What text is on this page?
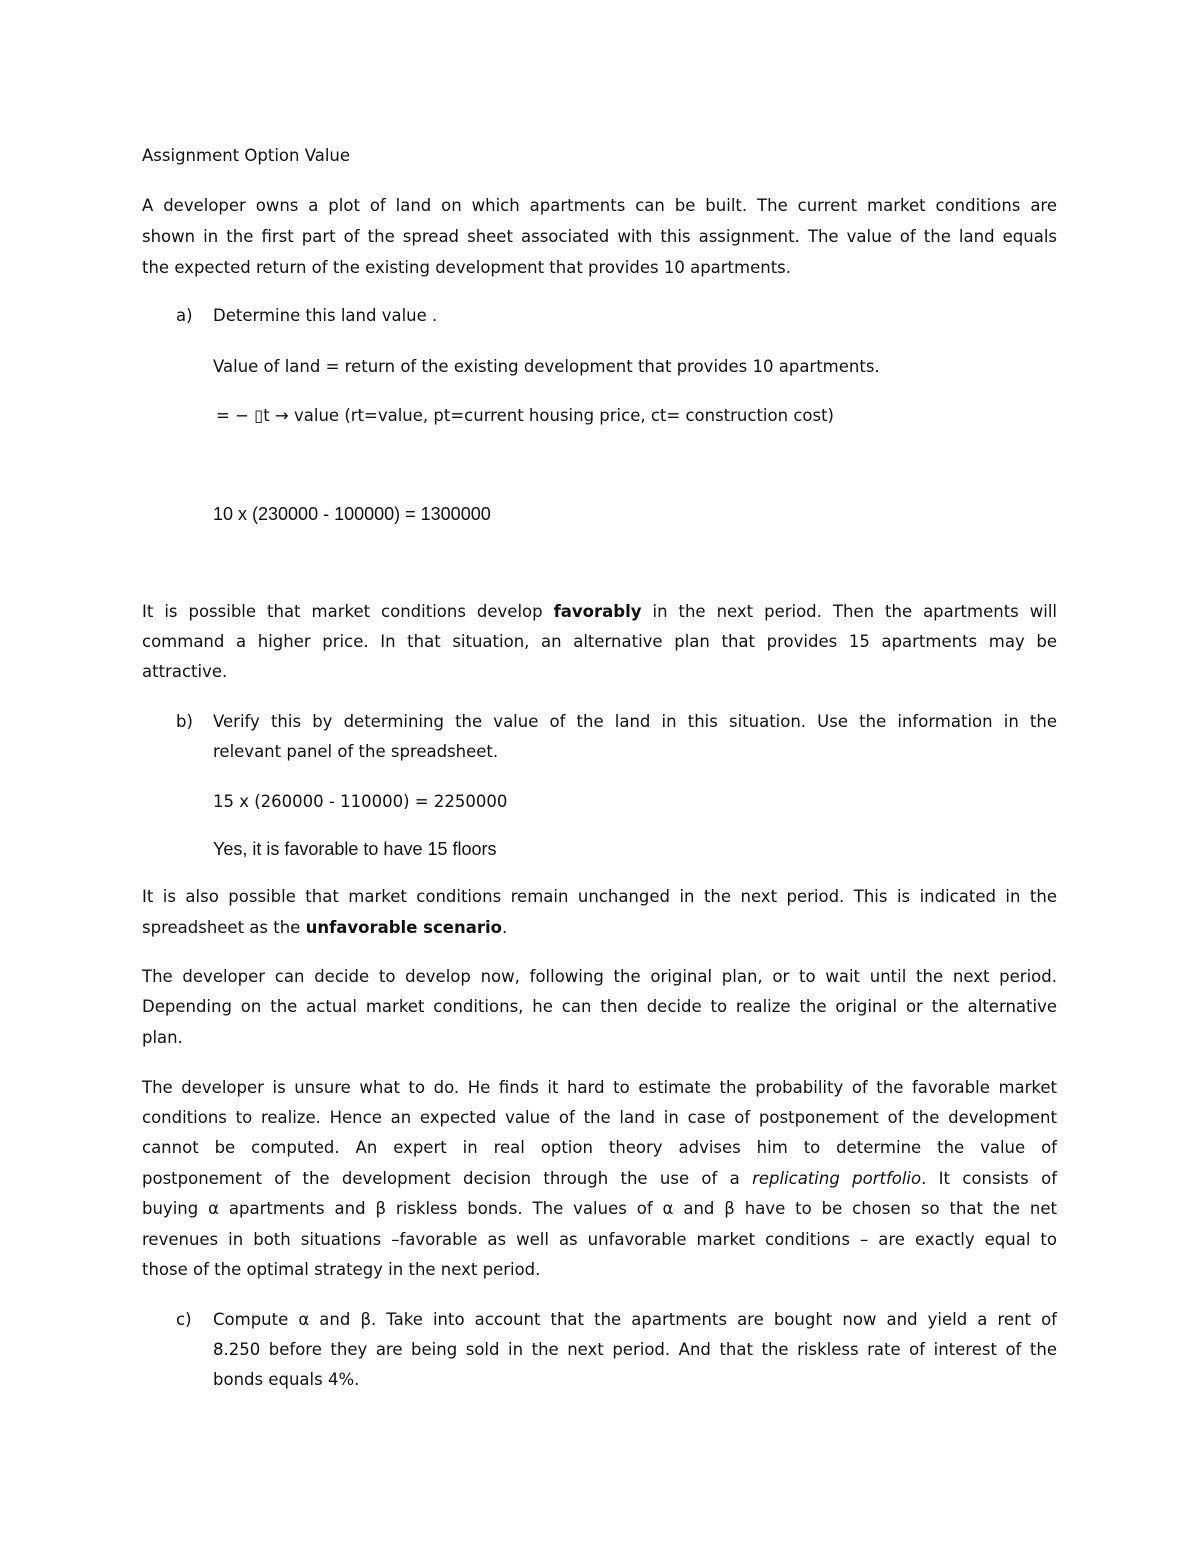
Assignment Option Value
A developer owns a plot of land on which apartments can be built. The current market conditions are
shown in the first part of the spread sheet associated with this assignment. The value of the land equals
the expected return of the existing development that provides 10 apartments.
a) Determine this land value .
Value of land = return of the existing development that provides 10 apartments.
= − ▯t → value (rt=value, pt=current housing price, ct= construction cost)
10 x (230000 - 100000) = 1300000
It is possible that market conditions develop favorably in the next period. Then the apartments will
command a higher price. In that situation, an alternative plan that provides 15 apartments may be
attractive.
b) Verify this by determining the value of the land in this situation. Use the information in the
relevant panel of the spreadsheet.
15 x (260000 - 110000) = 2250000
Yes, it is favorable to have 15 floors
It is also possible that market conditions remain unchanged in the next period. This is indicated in the
spreadsheet as the unfavorable scenario.
The developer can decide to develop now, following the original plan, or to wait until the next period.
Depending on the actual market conditions, he can then decide to realize the original or the alternative
plan.
The developer is unsure what to do. He finds it hard to estimate the probability of the favorable market
conditions to realize. Hence an expected value of the land in case of postponement of the development
cannot be computed. An expert in real option theory advises him to determine the value of
postponement of the development decision through the use of a replicating portfolio. It consists of
buying α apartments and β riskless bonds. The values of α and β have to be chosen so that the net
revenues in both situations –favorable as well as unfavorable market conditions – are exactly equal to
those of the optimal strategy in the next period.
c) Compute α and β. Take into account that the apartments are bought now and yield a rent of
8.250 before they are being sold in the next period. And that the riskless rate of interest of the
bonds equals 4%.
